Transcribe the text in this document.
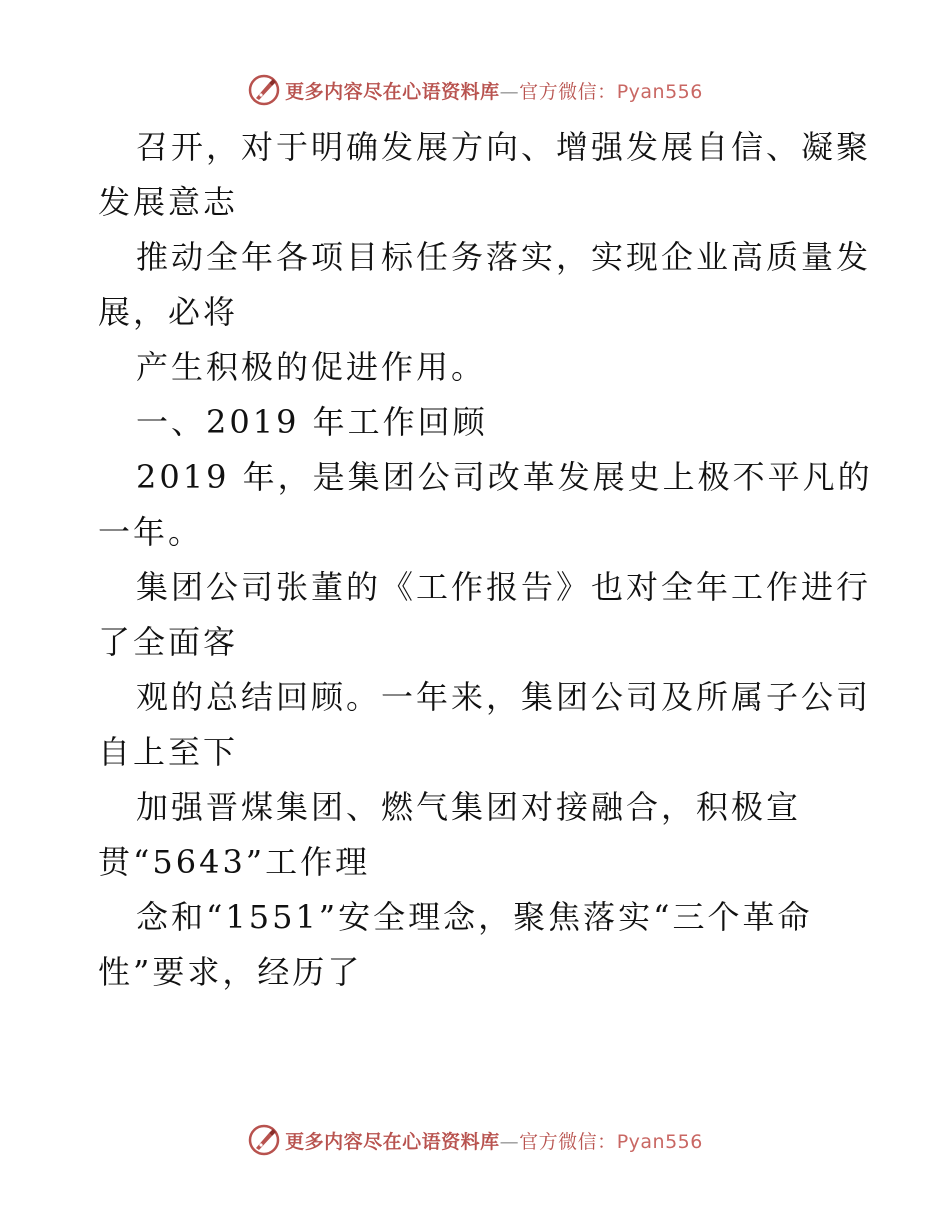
更多内容尽在心语资料库—官方微信：Pyan556
召开，对于明确发展方向、增强发展自信、凝聚
发展意志
推动全年各项目标任务落实，实现企业高质量发
展，必将
产生积极的促进作用。
一、2019 年工作回顾
2019 年，是集团公司改革发展史上极不平凡的
一年。
集团公司张董的《工作报告》也对全年工作进行
了全面客
观的总结回顾。一年来，集团公司及所属子公司
自上至下
加强晋煤集团、燃气集团对接融合，积极宣
贯“5643”工作理
念和“1551”安全理念，聚焦落实“三个革命
性”要求，经历了
更多内容尽在心语资料库—官方微信：Pyan556
